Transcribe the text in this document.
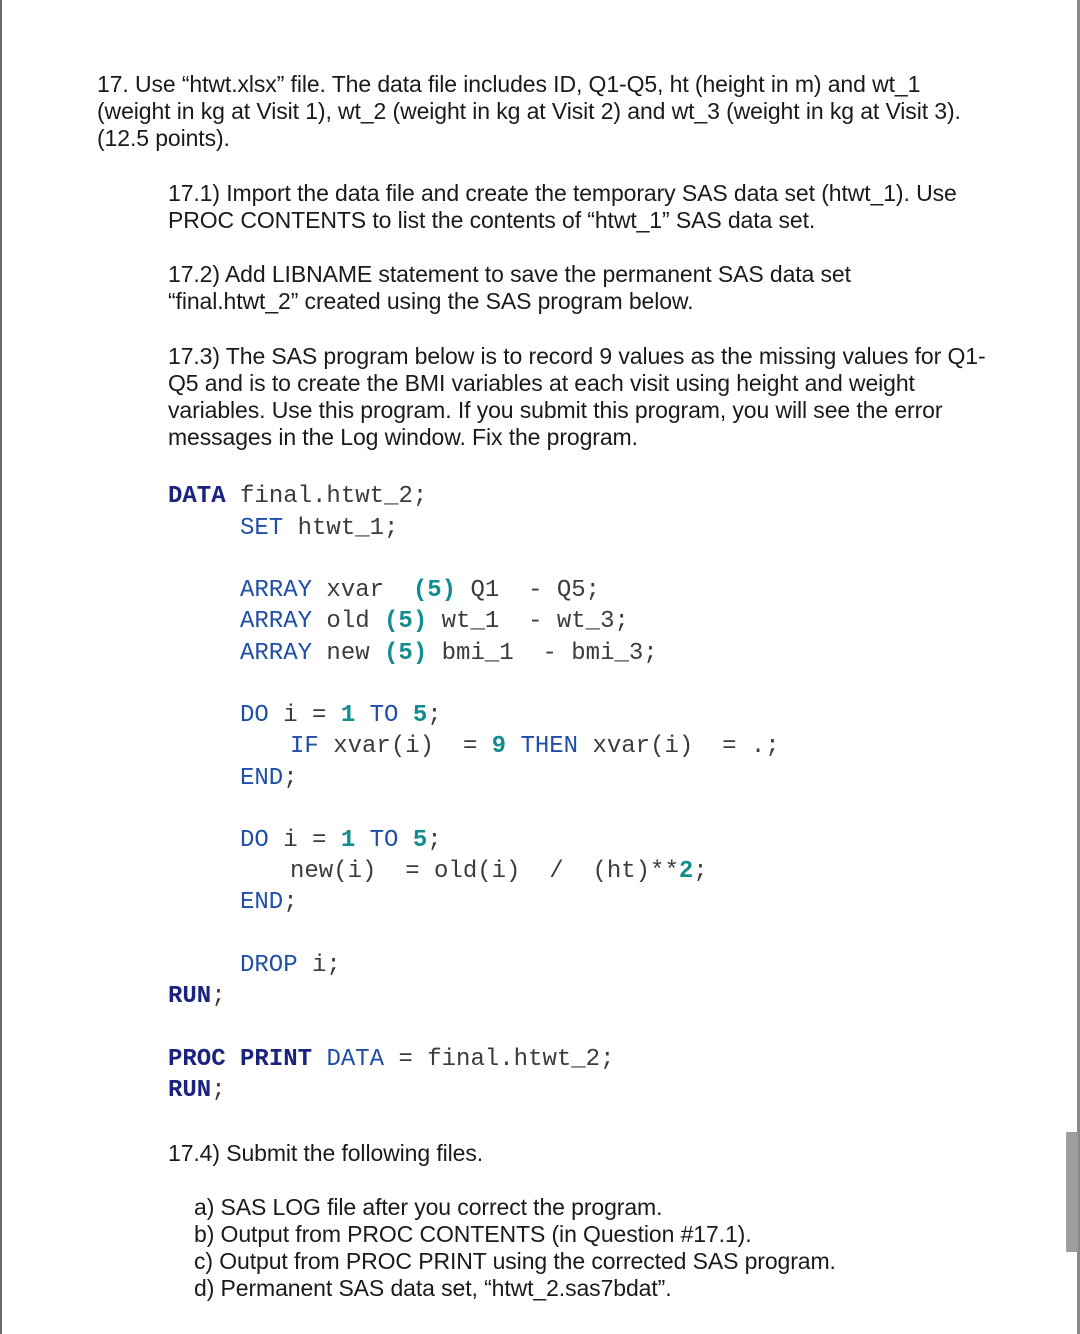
17. Use “htwt.xlsx” file. The data file includes ID, Q1-Q5, ht (height in m) and wt_1

(weight in kg at Visit 1), wt_2 (weight in kg at Visit 2) and wt_3 (weight in kg at Visit 3).

(12.5 points).

17.1) Import the data file and create the temporary SAS data set (htwt_1). Use

PROC CONTENTS to list the contents of “htwt_1” SAS data set.

17.2) Add LIBNAME statement to save the permanent SAS data set

“final.htwt_2” created using the SAS program below.

17.3) The SAS program below is to record 9 values as the missing values for Q1-

Q5 and is to create the BMI variables at each visit using height and weight

variables. Use this program. If you submit this program, you will see the error

messages in the Log window. Fix the program.

DATA final.htwt_2;

SET htwt_1;

ARRAY xvar  (5) Q1  - Q5;

ARRAY old (5) wt_1  - wt_3;

ARRAY new (5) bmi_1  - bmi_3;

DO i = 1 TO 5;

IF xvar(i)  = 9 THEN xvar(i)  = .;

END;

DO i = 1 TO 5;

new(i)  = old(i)  /  (ht)**2;

END;

DROP i;

RUN;

PROC PRINT DATA = final.htwt_2;

RUN;

17.4) Submit the following files.

a) SAS LOG file after you correct the program.

b) Output from PROC CONTENTS (in Question #17.1).

c) Output from PROC PRINT using the corrected SAS program.

d) Permanent SAS data set, “htwt_2.sas7bdat”.
